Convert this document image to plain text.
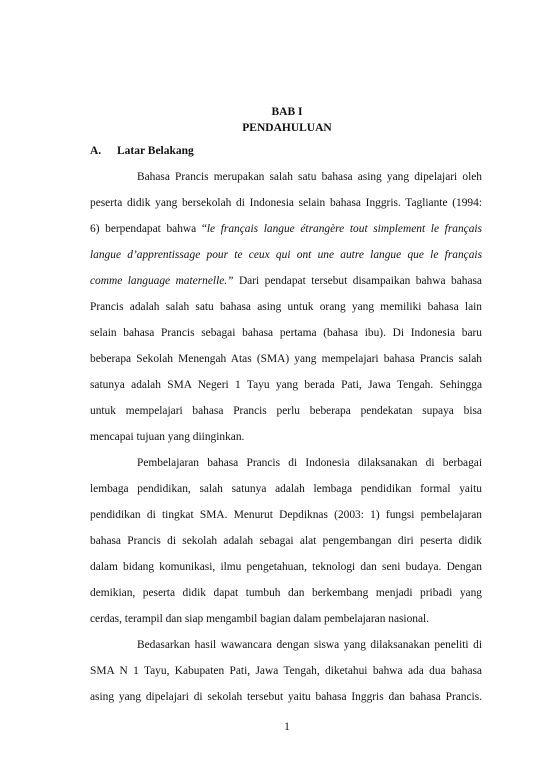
BAB I
PENDAHULUAN
A. Latar Belakang
Bahasa Prancis merupakan salah satu bahasa asing yang dipelajari oleh
peserta didik yang bersekolah di Indonesia selain bahasa Inggris. Tagliante (1994:
6) berpendapat bahwa “le français langue étrangère tout simplement le français
langue d’apprentissage pour te ceux qui ont une autre langue que le français
comme language maternelle.” Dari pendapat tersebut disampaikan bahwa bahasa
Prancis adalah salah satu bahasa asing untuk orang yang memiliki bahasa lain
selain bahasa Prancis sebagai bahasa pertama (bahasa ibu). Di Indonesia baru
beberapa Sekolah Menengah Atas (SMA) yang mempelajari bahasa Prancis salah
satunya adalah SMA Negeri 1 Tayu yang berada Pati, Jawa Tengah. Sehingga
untuk mempelajari bahasa Prancis perlu beberapa pendekatan supaya bisa
mencapai tujuan yang diinginkan.
Pembelajaran bahasa Prancis di Indonesia dilaksanakan di berbagai
lembaga pendidikan, salah satunya adalah lembaga pendidikan formal yaitu
pendidikan di tingkat SMA. Menurut Depdiknas (2003: 1) fungsi pembelajaran
bahasa Prancis di sekolah adalah sebagai alat pengembangan diri peserta didik
dalam bidang komunikasi, ilmu pengetahuan, teknologi dan seni budaya. Dengan
demikian, peserta didik dapat tumbuh dan berkembang menjadi pribadi yang
cerdas, terampil dan siap mengambil bagian dalam pembelajaran nasional.
Bedasarkan hasil wawancara dengan siswa yang dilaksanakan peneliti di
SMA N 1 Tayu, Kabupaten Pati, Jawa Tengah, diketahui bahwa ada dua bahasa
asing yang dipelajari di sekolah tersebut yaitu bahasa Inggris dan bahasa Prancis.
1
